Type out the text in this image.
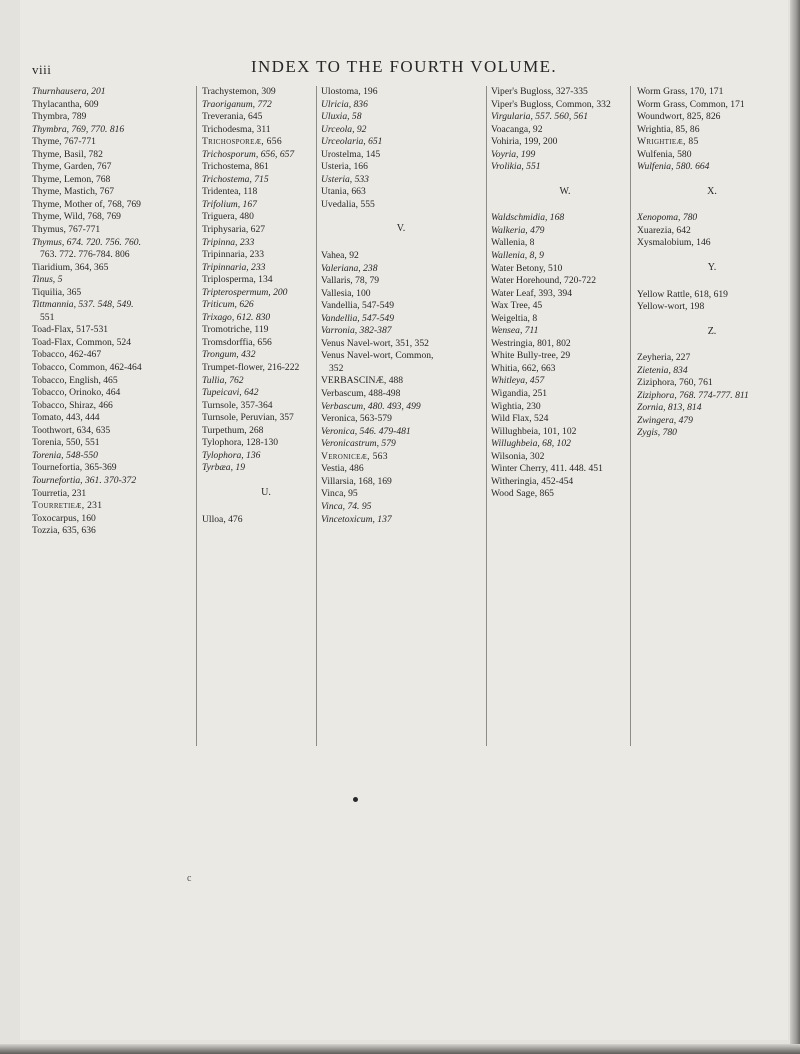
viii	INDEX TO THE FOURTH VOLUME.
Thurnhausera, 201
Thylacantha, 609
Thymbra, 789
Thymbra, 769, 770. 816
Thyme, 767-771
Thyme, Basil, 782
Thyme, Garden, 767
Thyme, Lemon, 768
Thyme, Mastich, 767
Thyme, Mother of, 768, 769
Thyme, Wild, 768, 769
Thymus, 767-771
Thymus, 674. 720. 756. 760.
763. 772. 776-784. 806
Tiaridium, 364, 365
Tinus, 5
Tiquilia, 365
Tittmannia, 537. 548, 549.
551
Toad-Flax, 517-531
Toad-Flax, Common, 524
Tobacco, 462-467
Tobacco, Common, 462-464
Tobacco, English, 465
Tobacco, Orinoko, 464
Tobacco, Shiraz, 466
Tomato, 443, 444
Toothwort, 634, 635
Torenia, 550, 551
Torenia, 548-550
Tournefortia, 365-369
Tournefortia, 361. 370-372
Tourretia, 231
Tourretieæ, 231
Toxocarpus, 160
Tozzia, 635, 636
Trachystemon, 309
Traoriganum, 772
Treverania, 645
Trichodesma, 311
Trichosporeæ, 656
Trichosporum, 656, 657
Trichostema, 861
Trichostema, 715
Tridentea, 118
Trifolium, 167
Triguera, 480
Triphysaria, 627
Tripinna, 233
Tripinnaria, 233
Tripinnaria, 233
Triplosperma, 134
Tripterospermum, 200
Triticum, 626
Trixago, 612. 830
Tromotriche, 119
Tromsdorffia, 656
Trongum, 432
Trumpet-flower, 216-222
Tullia, 762
Tupeicavi, 642
Turnsole, 357-364
Turnsole, Peruvian, 357
Turpethum, 268
Tylophora, 128-130
Tylophora, 136
Tyrbæa, 19
U.
Ulloa, 476
Ulostoma, 196
Ulricia, 836
Uluxia, 58
Urceola, 92
Urceolaria, 651
Urostelma, 145
Usteria, 166
Usteria, 533
Utania, 663
Uvedalia, 555
V.
Vahea, 92
Valeriana, 238
Vallaris, 78, 79
Vallesia, 100
Vandellia, 547-549
Vandellia, 547-549
Varronia, 382-387
Venus Navel-wort, 351, 352
Venus Navel-wort, Common,
352
VERBASCINÆ, 488
Verbascum, 488-498
Verbascum, 480. 493, 499
Veronica, 563-579
Veronica, 546. 479-481
Veronicastrum, 579
Veroniceæ, 563
Vestia, 486
Villarsia, 168, 169
Vinca, 95
Vinca, 74. 95
Vincetoxicum, 137
Viper's Bugloss, 327-335
Viper's Bugloss, Common, 332
Virgularia, 557. 560, 561
Voacanga, 92
Vohiria, 199, 200
Voyria, 199
Vrolikia, 551
W.
Waldschmidia, 168
Walkeria, 479
Wallenia, 8
Wallenia, 8, 9
Water Betony, 510
Water Horehound, 720-722
Water Leaf, 393, 394
Wax Tree, 45
Weigeltia, 8
Wensea, 711
Westringia, 801, 802
White Bully-tree, 29
Whitia, 662, 663
Whitleya, 457
Wigandia, 251
Wightia, 230
Wild Flax, 524
Willughbeia, 101, 102
Willughbeia, 68, 102
Wilsonia, 302
Winter Cherry, 411. 448. 451
Witheringia, 452-454
Wood Sage, 865
Worm Grass, 170, 171
Worm Grass, Common, 171
Woundwort, 825, 826
Wrightia, 85, 86
Wrightieæ, 85
Wulfenia, 580
Wulfenia, 580. 664
X.
Xenopoma, 780
Xuarezia, 642
Xysmalobium, 146
Y.
Yellow Rattle, 618, 619
Yellow-wort, 198
Z.
Zeyheria, 227
Zietenia, 834
Ziziphora, 760, 761
Ziziphora, 768. 774-777. 811
Zornia, 813, 814
Zwingera, 479
Zygis, 780
c
